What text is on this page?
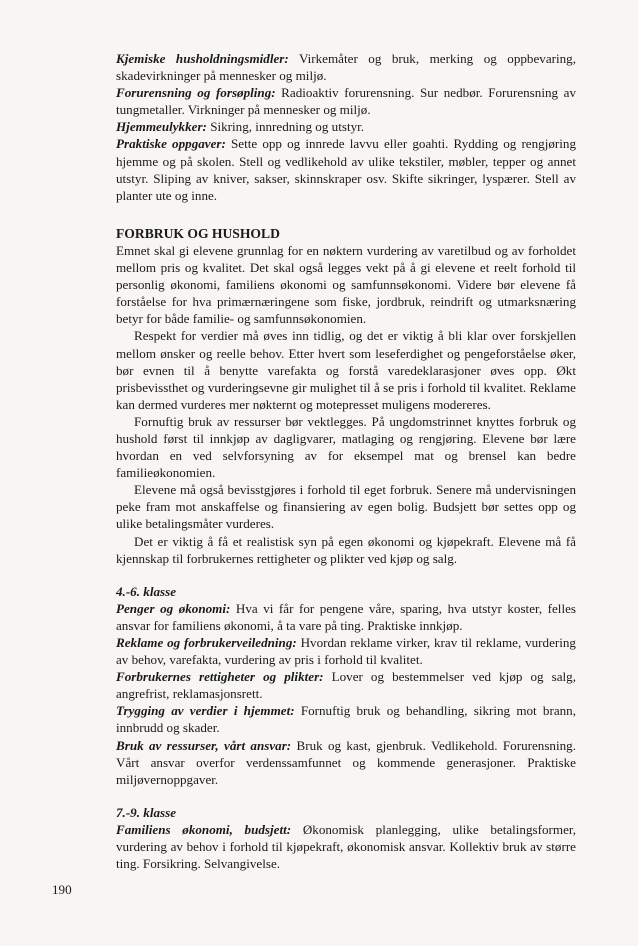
Kjemiske husholdningsmidler: Virkemåter og bruk, merking og oppbevaring, skadevirkninger på mennesker og miljø.

Forurensning og forsøpling: Radioaktiv forurensning. Sur nedbør. Forurensning av tungmetaller. Virkninger på mennesker og miljø.

Hjemmeulykker: Sikring, innredning og utstyr.

Praktiske oppgaver: Sette opp og innrede lavvu eller goahti. Rydding og rengjøring hjemme og på skolen. Stell og vedlikehold av ulike tekstiler, møbler, tepper og annet utstyr. Sliping av kniver, sakser, skinnskraper osv. Skifte sikringer, lyspærer. Stell av planter ute og inne.

FORBRUK OG HUSHOLD

Emnet skal gi elevene grunnlag for en nøktern vurdering av varetilbud og av forholdet mellom pris og kvalitet. Det skal også legges vekt på å gi elevene et reelt forhold til personlig økonomi, familiens økonomi og samfunnsøkonomi. Videre bør elevene få forståelse for hva primærnæringene som fiske, jordbruk, reindrift og utmarksnæring betyr for både familie- og samfunnsøkonomien.

Respekt for verdier må øves inn tidlig, og det er viktig å bli klar over forskjellen mellom ønsker og reelle behov. Etter hvert som leseferdighet og pengeforståelse øker, bør evnen til å benytte varefakta og forstå varedeklarasjoner øves opp. Økt prisbevissthet og vurderingsevne gir mulighet til å se pris i forhold til kvalitet. Reklame kan dermed vurderes mer nøkternt og motepresset muligens modereres.

Fornuftig bruk av ressurser bør vektlegges. På ungdomstrinnet knyttes forbruk og hushold først til innkjøp av dagligvarer, matlaging og rengjøring. Elevene bør lære hvordan en ved selvforsyning av for eksempel mat og brensel kan bedre familieøkonomien.

Elevene må også bevisstgjøres i forhold til eget forbruk. Senere må undervisningen peke fram mot anskaffelse og finansiering av egen bolig. Budsjett bør settes opp og ulike betalingsmåter vurderes.

Det er viktig å få et realistisk syn på egen økonomi og kjøpekraft. Elevene må få kjennskap til forbrukernes rettigheter og plikter ved kjøp og salg.

4.-6. klasse

Penger og økonomi: Hva vi får for pengene våre, sparing, hva utstyr koster, felles ansvar for familiens økonomi, å ta vare på ting. Praktiske innkjøp.

Reklame og forbrukerveiledning: Hvordan reklame virker, krav til reklame, vurdering av behov, varefakta, vurdering av pris i forhold til kvalitet.

Forbrukernes rettigheter og plikter: Lover og bestemmelser ved kjøp og salg, angrefrist, reklamasjonsrett.

Trygging av verdier i hjemmet: Fornuftig bruk og behandling, sikring mot brann, innbrudd og skader.

Bruk av ressurser, vårt ansvar: Bruk og kast, gjenbruk. Vedlikehold. Forurensning. Vårt ansvar overfor verdenssamfunnet og kommende generasjoner. Praktiske miljøvernoppgaver.

7.-9. klasse

Familiens økonomi, budsjett: Økonomisk planlegging, ulike betalingsformer, vurdering av behov i forhold til kjøpekraft, økonomisk ansvar. Kollektiv bruk av større ting. Forsikring. Selvangivelse.

190
